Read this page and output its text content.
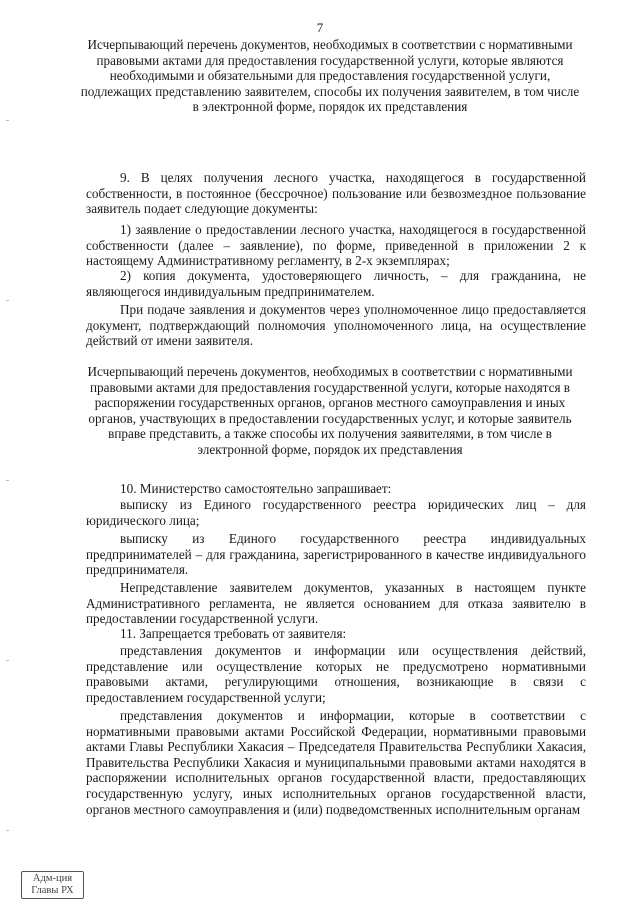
7
Исчерпывающий перечень документов, необходимых в соответствии с нормативными правовыми актами для предоставления государственной услуги, которые являются необходимыми и обязательными для предоставления государственной услуги, подлежащих представлению заявителем, способы их получения заявителем, в том числе в электронной форме, порядок их представления
9. В целях получения лесного участка, находящегося в государственной собственности, в постоянное (бессрочное) пользование или безвозмездное пользование заявитель подает следующие документы:
1) заявление о предоставлении лесного участка, находящегося в государственной собственности (далее – заявление), по форме, приведенной в приложении 2 к настоящему Административному регламенту, в 2-х экземплярах;
2) копия документа, удостоверяющего личность, – для гражданина, не являющегося индивидуальным предпринимателем.
При подаче заявления и документов через уполномоченное лицо предоставляется документ, подтверждающий полномочия уполномоченного лица, на осуществление действий от имени заявителя.
Исчерпывающий перечень документов, необходимых в соответствии с нормативными правовыми актами для предоставления государственной услуги, которые находятся в распоряжении государственных органов, органов местного самоуправления и иных органов, участвующих в предоставлении государственных услуг, и которые заявитель вправе представить, а также способы их получения заявителями, в том числе в электронной форме, порядок их представления
10. Министерство самостоятельно запрашивает:
выписку из Единого государственного реестра юридических лиц – для юридического лица;
выписку из Единого государственного реестра индивидуальных предпринимателей – для гражданина, зарегистрированного в качестве индивидуального предпринимателя.
Непредставление заявителем документов, указанных в настоящем пункте Административного регламента, не является основанием для отказа заявителю в предоставлении государственной услуги.
11. Запрещается требовать от заявителя:
представления документов и информации или осуществления действий, представление или осуществление которых не предусмотрено нормативными правовыми актами, регулирующими отношения, возникающие в связи с предоставлением государственной услуги;
представления документов и информации, которые в соответствии с нормативными правовыми актами Российской Федерации, нормативными правовыми актами Главы Республики Хакасия – Председателя Правительства Республики Хакасия, Правительства Республики Хакасия и муниципальными правовыми актами находятся в распоряжении исполнительных органов государственной власти, предоставляющих государственную услугу, иных исполнительных органов государственной власти, органов местного самоуправления и (или) подведомственных исполнительным органам
Адм-ция
Главы РХ
